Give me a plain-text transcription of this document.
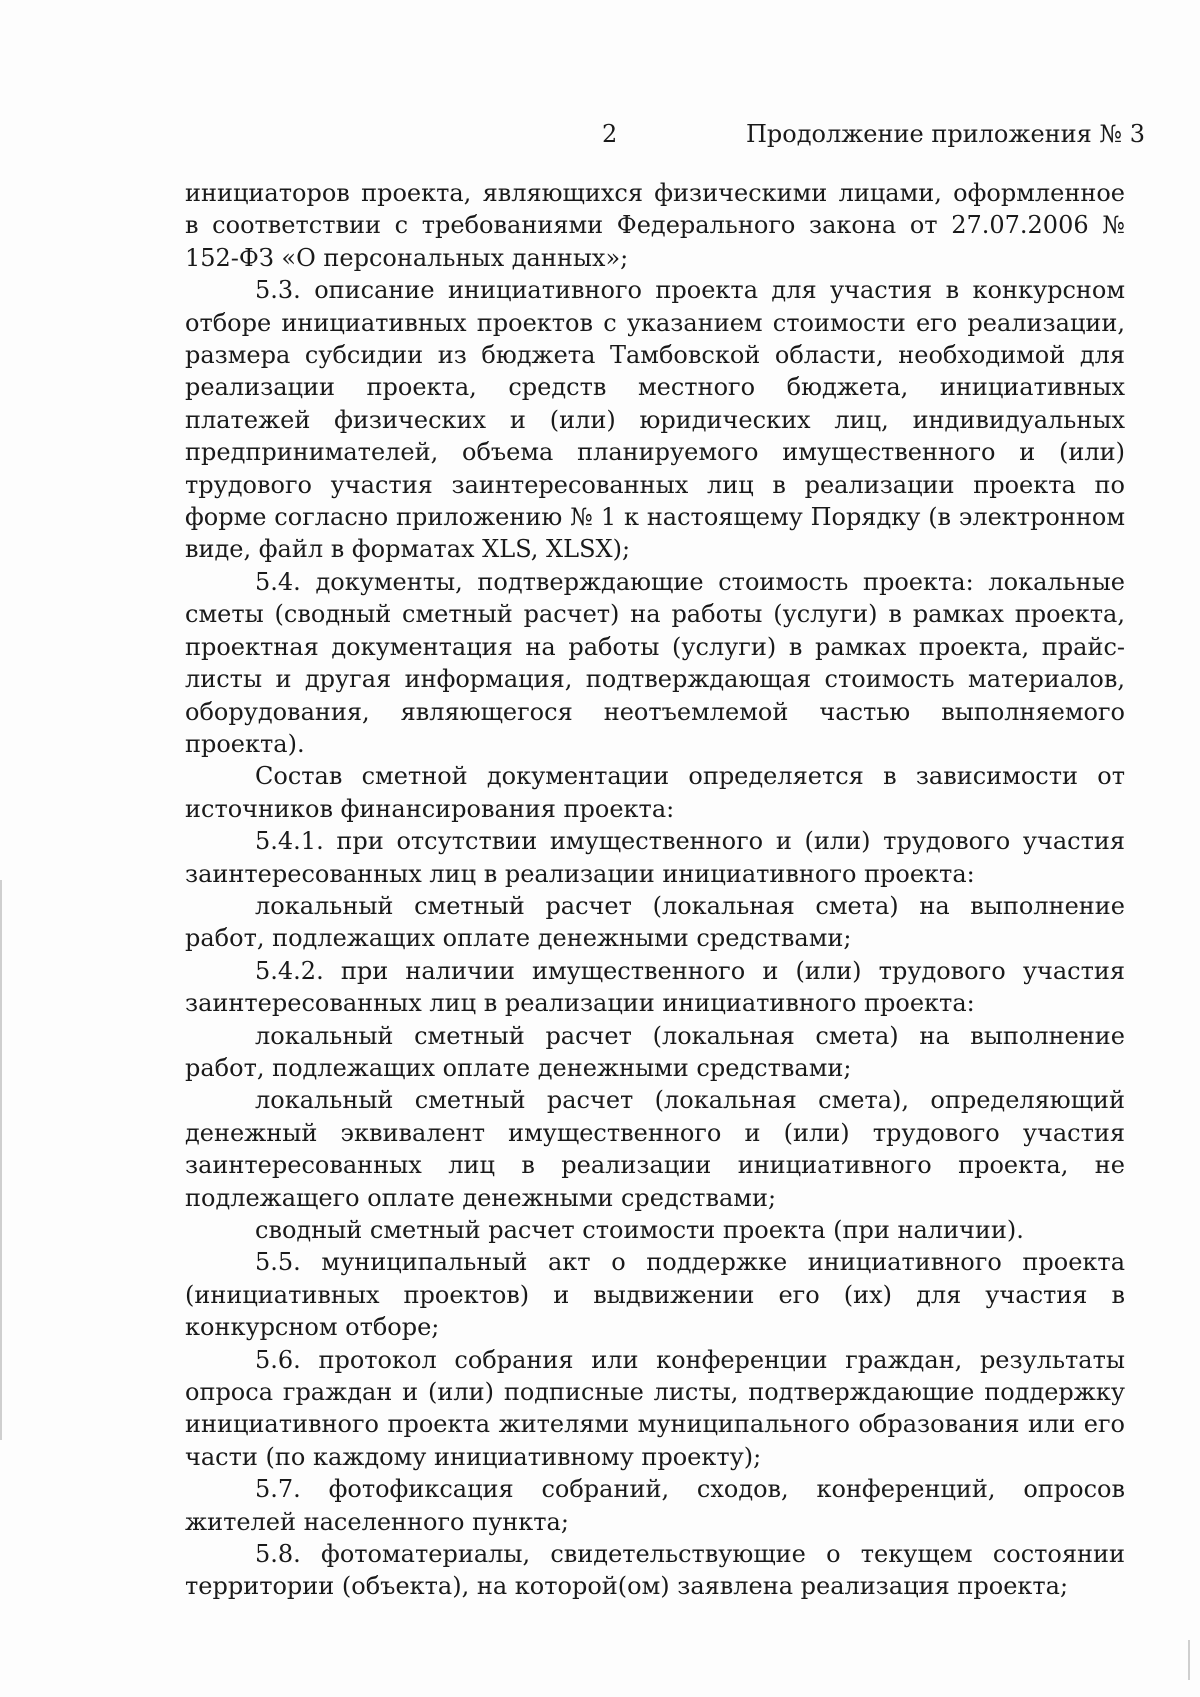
2	Продолжение приложения № 3

инициаторов проекта, являющихся физическими лицами, оформленное в соответствии с требованиями Федерального закона от 27.07.2006 № 152-ФЗ «О персональных данных»;

5.3. описание инициативного проекта для участия в конкурсном отборе инициативных проектов с указанием стоимости его реализации, размера субсидии из бюджета Тамбовской области, необходимой для реализации проекта, средств местного бюджета, инициативных платежей физических и (или) юридических лиц, индивидуальных предпринимателей, объема планируемого имущественного и (или) трудового участия заинтересованных лиц в реализации проекта по форме согласно приложению № 1 к настоящему Порядку (в электронном виде, файл в форматах XLS, XLSX);

5.4. документы, подтверждающие стоимость проекта: локальные сметы (сводный сметный расчет) на работы (услуги) в рамках проекта, проектная документация на работы (услуги) в рамках проекта, прайс-листы и другая информация, подтверждающая стоимость материалов, оборудования, являющегося неотъемлемой частью выполняемого проекта).

Состав сметной документации определяется в зависимости от источников финансирования проекта:

5.4.1. при отсутствии имущественного и (или) трудового участия заинтересованных лиц в реализации инициативного проекта:

локальный сметный расчет (локальная смета) на выполнение работ, подлежащих оплате денежными средствами;

5.4.2. при наличии имущественного и (или) трудового участия заинтересованных лиц в реализации инициативного проекта:

локальный сметный расчет (локальная смета) на выполнение работ, подлежащих оплате денежными средствами;

локальный сметный расчет (локальная смета), определяющий денежный эквивалент имущественного и (или) трудового участия заинтересованных лиц в реализации инициативного проекта, не подлежащего оплате денежными средствами;

сводный сметный расчет стоимости проекта (при наличии).

5.5. муниципальный акт о поддержке инициативного проекта (инициативных проектов) и выдвижении его (их) для участия в конкурсном отборе;

5.6. протокол собрания или конференции граждан, результаты опроса граждан и (или) подписные листы, подтверждающие поддержку инициативного проекта жителями муниципального образования или его части (по каждому инициативному проекту);

5.7. фотофиксация собраний, сходов, конференций, опросов жителей населенного пункта;

5.8. фотоматериалы, свидетельствующие о текущем состоянии территории (объекта), на которой(ом) заявлена реализация проекта;
